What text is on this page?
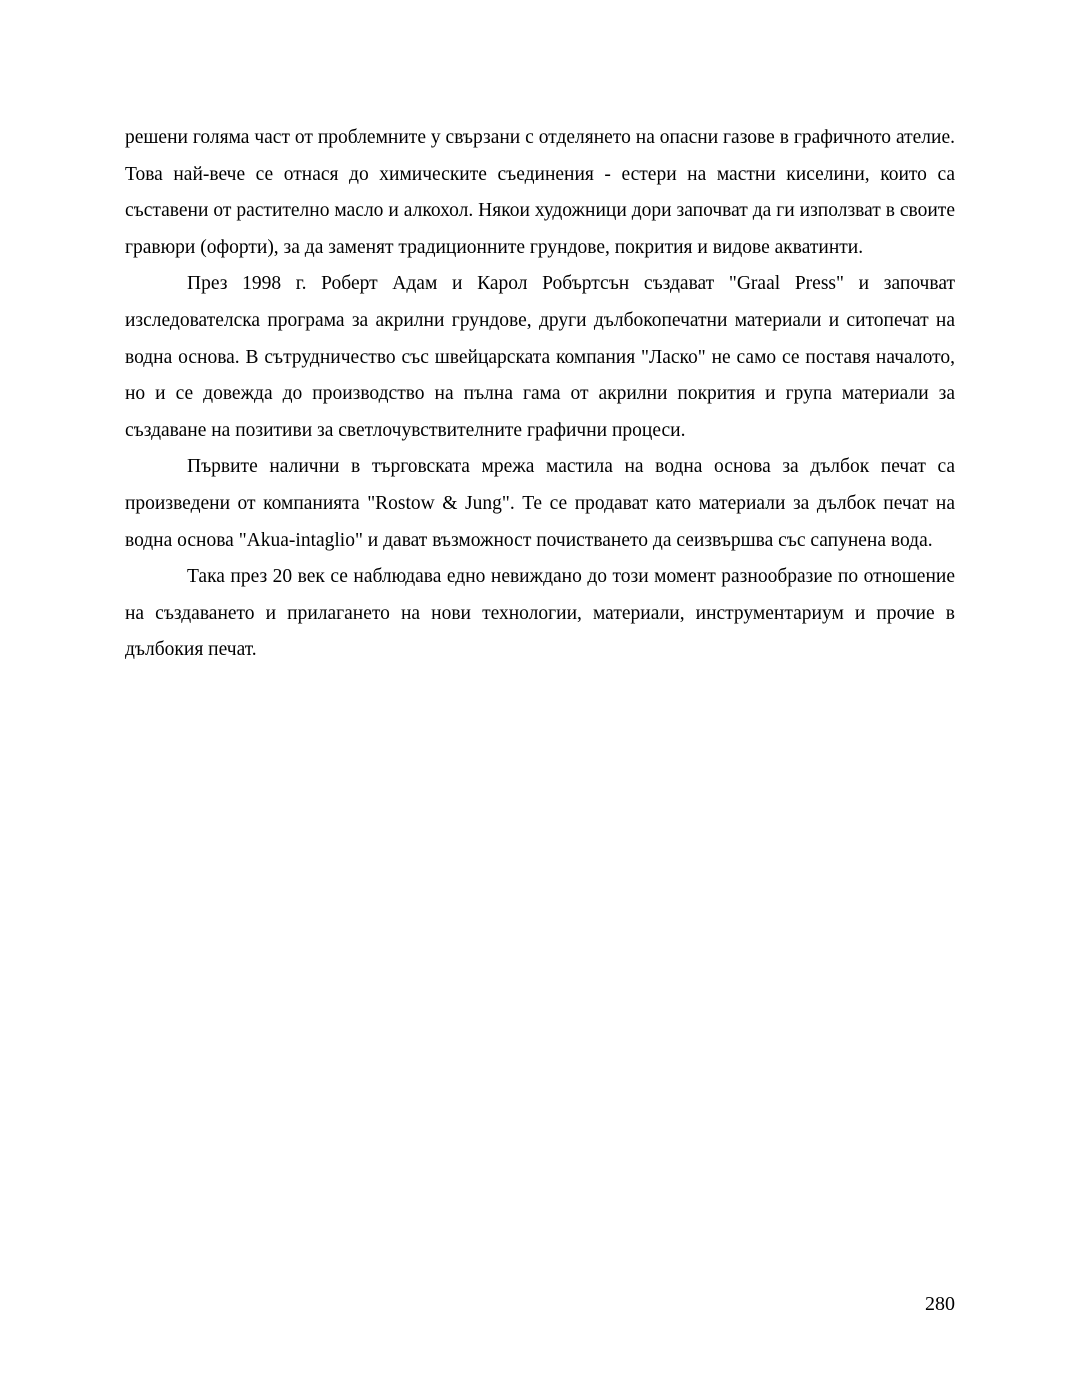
решени голяма част от проблемните у свързани с отделянето на опасни газове в графичното ателие. Това най-вече се отнася до химическите съединения - естери на мастни киселини, които са съставени от растително масло и алкохол. Някои художници дори започват да ги използват в своите гравюри (офорти), за да заменят традиционните грундове, покрития и видове акватинти.

През 1998 г. Роберт Адам и Карол Робъртсън създават "Graal Press" и започват изследователска програма за акрилни грундове, други дълбокопечатни материали и ситопечат на водна основа. В сътрудничество със швейцарската компания "Ласко" не само се поставя началото, но и се довежда до производство на пълна гама от акрилни покрития и група материали за създаване на позитиви за светлочувствителните графични процеси.

Първите налични в търговската мрежа мастила на водна основа за дълбок печат са произведени от компанията "Rostow & Jung". Те се продават като материали за дълбок печат на водна основа "Akua-intaglio" и дават възможност почистването да сеизвършва със сапунена вода.

Така през 20 век се наблюдава едно невиждано до този момент разнообразие по отношение на създаването и прилагането на нови технологии, материали, инструментариум и прочие в дълбокия печат.

280
